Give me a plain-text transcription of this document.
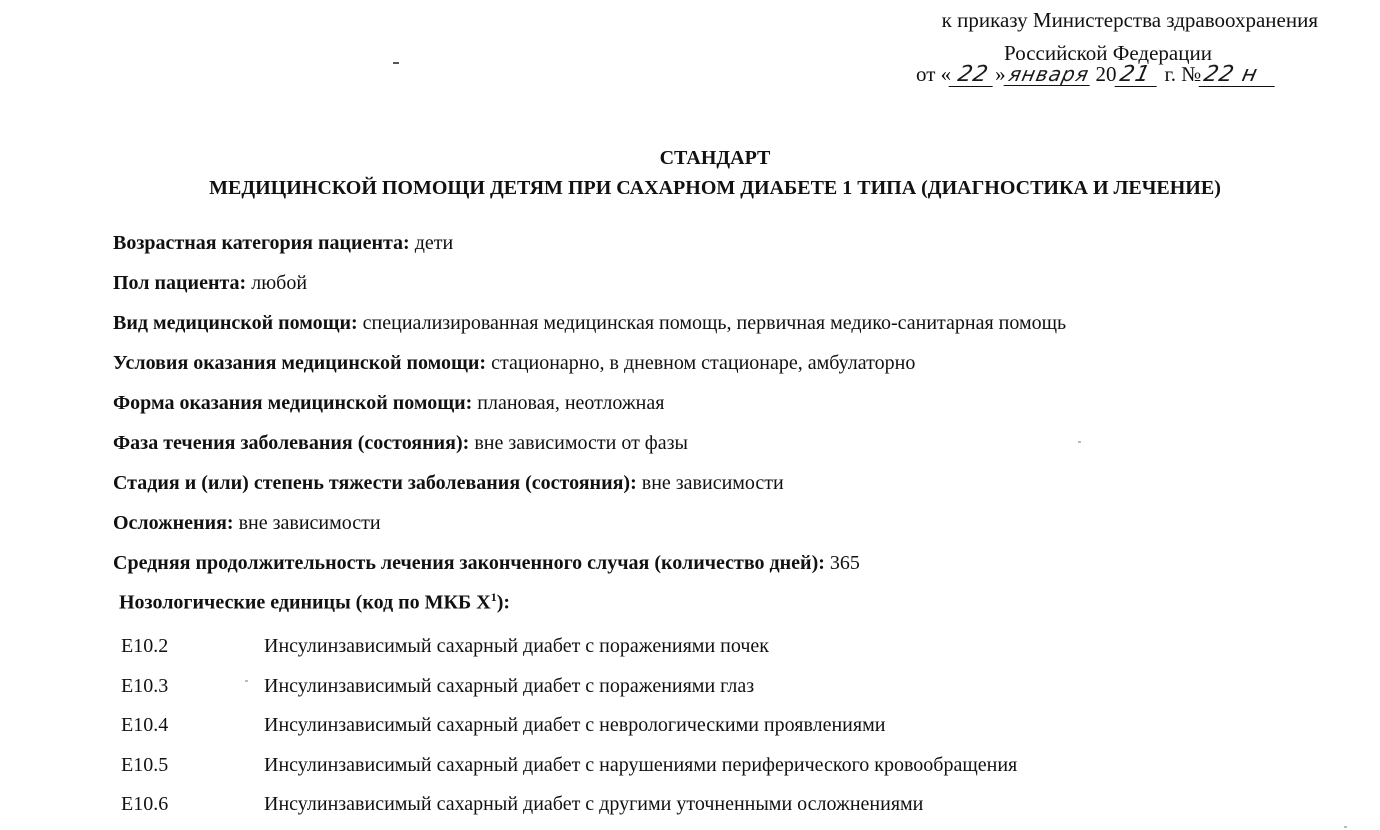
к приказу Министерства здравоохранения
Российской Федерации
от « 22 » января 20 21 г. № 22 н
СТАНДАРТ
МЕДИЦИНСКОЙ ПОМОЩИ ДЕТЯМ ПРИ САХАРНОМ ДИАБЕТЕ 1 ТИПА (ДИАГНОСТИКА И ЛЕЧЕНИЕ)
Возрастная категория пациента: дети
Пол пациента: любой
Вид медицинской помощи: специализированная медицинская помощь, первичная медико-санитарная помощь
Условия оказания медицинской помощи: стационарно, в дневном стационаре, амбулаторно
Форма оказания медицинской помощи: плановая, неотложная
Фаза течения заболевания (состояния): вне зависимости от фазы
Стадия и (или) степень тяжести заболевания (состояния): вне зависимости
Осложнения: вне зависимости
Средняя продолжительность лечения законченного случая (количество дней): 365
Нозологические единицы (код по МКБ $X^1$):
E10.2	Инсулинзависимый сахарный диабет с поражениями почек
E10.3	Инсулинзависимый сахарный диабет с поражениями глаз
E10.4	Инсулинзависимый сахарный диабет с неврологическими проявлениями
E10.5	Инсулинзависимый сахарный диабет с нарушениями периферического кровообращения
E10.6	Инсулинзависимый сахарный диабет с другими уточненными осложнениями
